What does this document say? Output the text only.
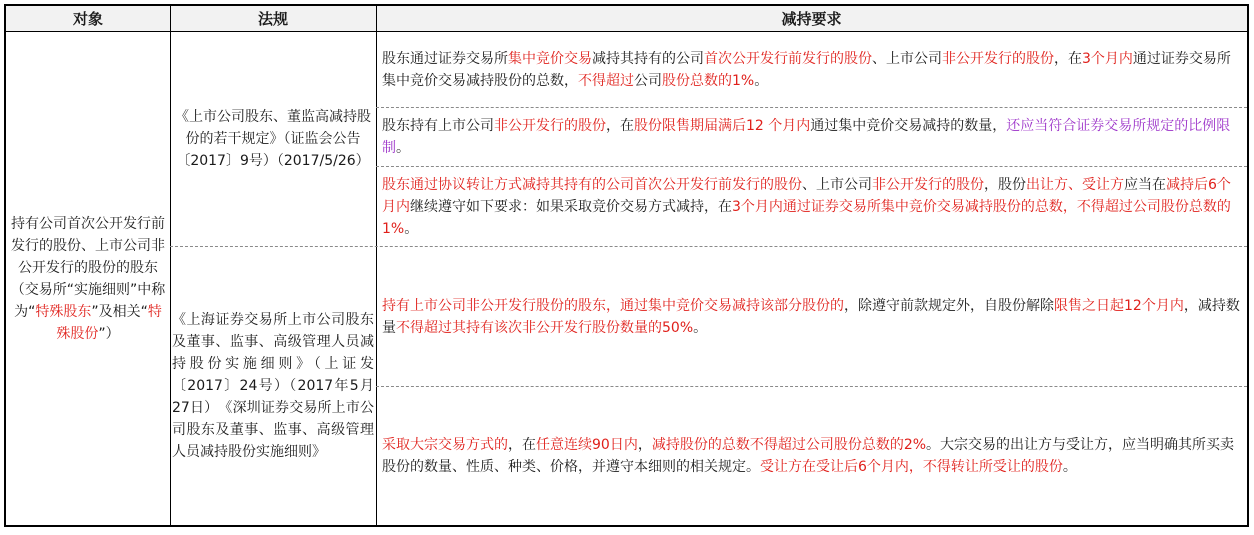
对象	法规	减持要求
持有公司首次公开发行前发行的股份、上市公司非公开发行的股份的股东（交易所“实施细则”中称为“特殊股东”及相关“特殊股份”）
《上市公司股东、董监高减持股份的若干规定》（证监会公告〔2017〕9号）（2017/5/26）
《上海证券交易所上市公司股东及董事、监事、高级管理人员减持股份实施细则》（上证发〔2017〕24号）（2017年5月27日）　《深圳证券交易所上市公司股东及董事、监事、高级管理人员减持股份实施细则》
股东通过证券交易所集中竞价交易减持其持有的公司首次公开发行前发行的股份、上市公司非公开发行的股份，在3个月内通过证券交易所集中竞价交易减持股份的总数，不得超过公司股份总数的1%。
股东持有上市公司非公开发行的股份，在股份限售期届满后12 个月内通过集中竞价交易减持的数量，还应当符合证券交易所规定的比例限制。
股东通过协议转让方式减持其持有的公司首次公开发行前发行的股份、上市公司非公开发行的股份，股份出让方、受让方应当在减持后6个月内继续遵守如下要求：如果采取竞价交易方式减持，在3个月内通过证券交易所集中竞价交易减持股份的总数，不得超过公司股份总数的1%。
持有上市公司非公开发行股份的股东，通过集中竞价交易减持该部分股份的，除遵守前款规定外，自股份解除限售之日起12个月内，减持数量不得超过其持有该次非公开发行股份数量的50%。
采取大宗交易方式的，在任意连续90日内，减持股份的总数不得超过公司股份总数的2%。大宗交易的出让方与受让方，应当明确其所买卖股份的数量、性质、种类、价格，并遵守本细则的相关规定。受让方在受让后6个月内，不得转让所受让的股份。
